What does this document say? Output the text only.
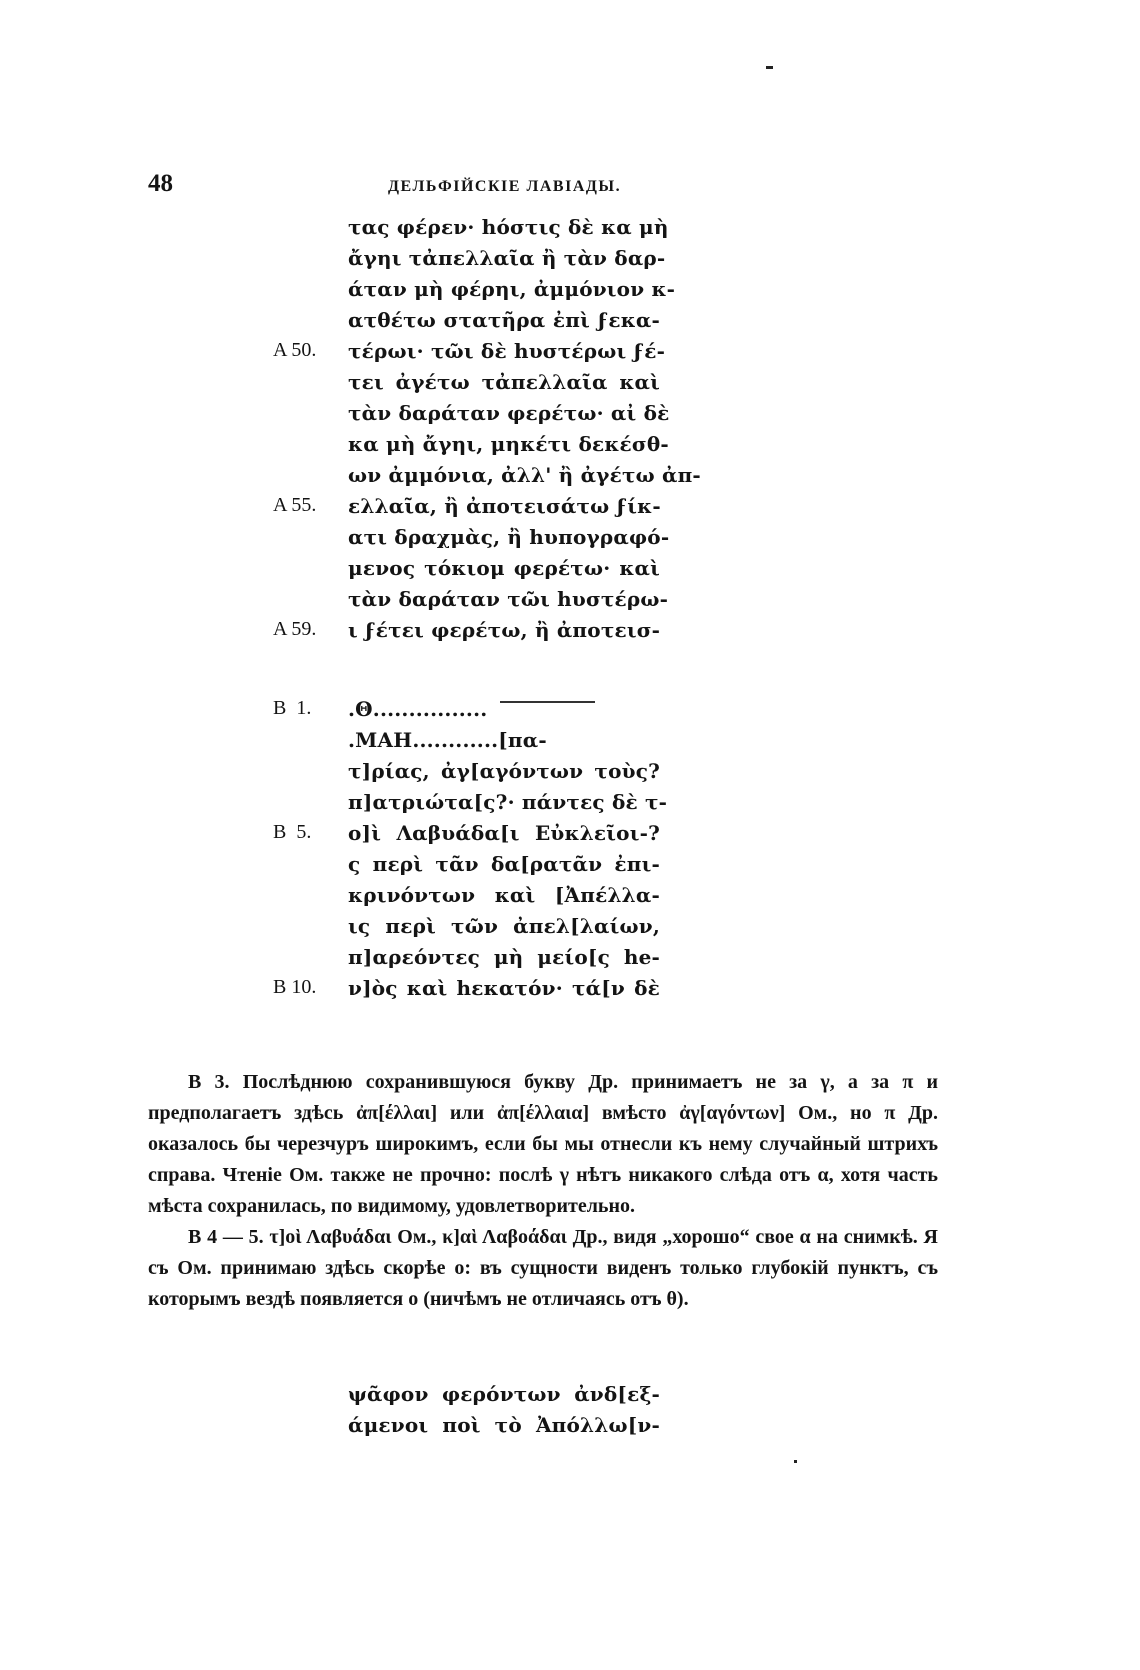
48	ДЕЛЬФІЙСКІЕ ЛАВІАДЫ.
τας φέρεν· hόστις δὲ κα μὴ
ἄγηι τἀπελλαῖα ἢ τὰν δαρ-
άταν μὴ φέρηι, ἀμμόνιον κ-
ατθέτω στατῆρα ἐπὶ ϝεκα-
A 50. τέρωι· τῶι δὲ hυστέρωι ϝέ-
τει ἀγέτω τἀπελλαῖα καὶ
τὰν δαράταν φερέτω· αἰ δὲ
κα μὴ ἄγηι, μηκέτι δεκέσθ-
ων ἀμμόνια, ἀλλ' ἢ ἀγέτω ἀπ-
A 55. ελλαῖα, ἢ ἀποτεισάτω ϝίκ-
ατι δραχμὰς, ἢ hυπογραφό-
μενος τόκιομ φερέτω· καὶ
τὰν δαράταν τῶι hυστέρω-
A 59. ι ϝέτει φερέτω, ἢ ἀποτεισ-
B  1. .Θ................
.MAH............[πα-
τ]ρίας, ἀγ[αγόντων τοὺς?
π]ατριώτα[ς?· πάντες δὲ τ-
B  5. ο]ὶ Λαβυάδα[ι Εὐκλεῖοι-?
ς περὶ τᾶν δα[ρατᾶν ἐπι-
κρινόντων καὶ [Ἀπέλλα-
ις περὶ τῶν ἀπελ[λαίων,
π]αρεόντες μὴ μείο[ς he-
B 10. ν]ὸς καὶ hεκατόν· τά[ν δὲ

B 3. Послѣднюю сохранившуюся букву Др. принимаетъ не за γ, а за π и предполагаетъ здѣсь ἀπ[έλλαι] или ἀπ[έλλαια] вмѣсто ἀγ[αγόντων] Ом., но π Др. оказалось бы черезчуръ широкимъ, если бы мы отнесли къ нему случайный штрихъ справа. Чтеніе Ом. также не прочно: послѣ γ нѣтъ никакого слѣда отъ α, хотя часть мѣста сохранилась, по видимому, удовлетворительно.

B 4 — 5. τ]οὶ Λαβυάδαι Ом., κ]αὶ Λαβοάδαι Др., видя „хорошо“ свое α на снимкѣ. Я съ Ом. принимаю здѣсь скорѣе ο: въ сущности виденъ только глубокій пунктъ, съ которымъ вездѣ появляется ο (ничѣмъ не отличаясь отъ θ).

ψᾶφον φερόντων ἀνδ[εξ-
άμενοι ποὶ τὸ Ἀπόλλω[ν-
